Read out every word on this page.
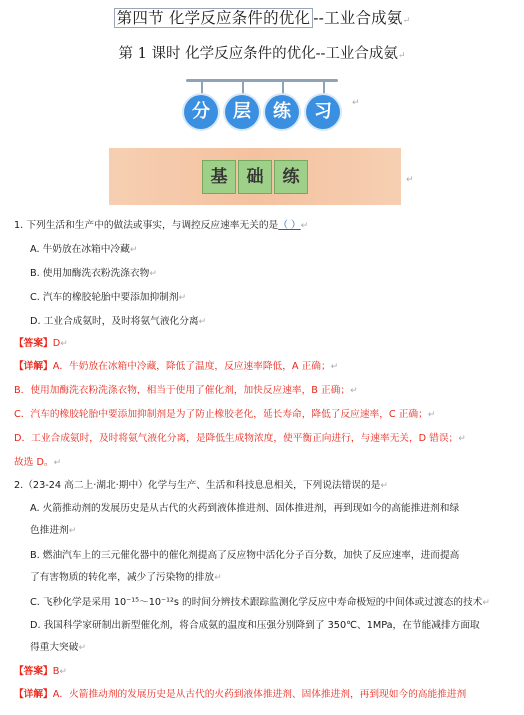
第四节 化学反应条件的优化 --工业合成氨↵
第 1 课时 化学反应条件的优化--工业合成氨↵
分	层	练	习	↵
基	础	练	↵
1. 下列生活和生产中的做法或事实，与调控反应速率无关的是（ ）↵
A. 牛奶放在冰箱中冷藏↵
B. 使用加酶洗衣粉洗涤衣物↵
C. 汽车的橡胶轮胎中要添加抑制剂↵
D. 工业合成氨时，及时将氨气液化分离↵
【答案】D↵
【详解】A．牛奶放在冰箱中冷藏，降低了温度，反应速率降低，A 正确；↵
B．使用加酶洗衣粉洗涤衣物，相当于使用了催化剂，加快反应速率，B 正确；↵
C．汽车的橡胶轮胎中要添加抑制剂是为了防止橡胶老化，延长寿命，降低了反应速率，C 正确；↵
D．工业合成氨时，及时将氨气液化分离，是降低生成物浓度，使平衡正向进行，与速率无关，D 错误；↵
故选 D。↵
2.（23-24 高二上·湖北·期中）化学与生产、生活和科技息息相关，下列说法错误的是↵
A. 火箭推动剂的发展历史是从古代的火药到液体推进剂、固体推进剂，再到现如今的高能推进剂和绿
色推进剂↵
B. 燃油汽车上的三元催化器中的催化剂提高了反应物中活化分子百分数，加快了反应速率，进而提高
了有害物质的转化率，减少了污染物的排放↵
C. 飞秒化学是采用 10⁻¹⁵～10⁻¹²s 的时间分辨技术跟踪监测化学反应中寿命极短的中间体或过渡态的技术↵
D. 我国科学家研制出新型催化剂，将合成氨的温度和压强分别降到了 350℃、1MPa，在节能减排方面取
得重大突破↵
【答案】B↵
【详解】A．火箭推动剂的发展历史是从古代的火药到液体推进剂、固体推进剂，再到现如今的高能推进剂
